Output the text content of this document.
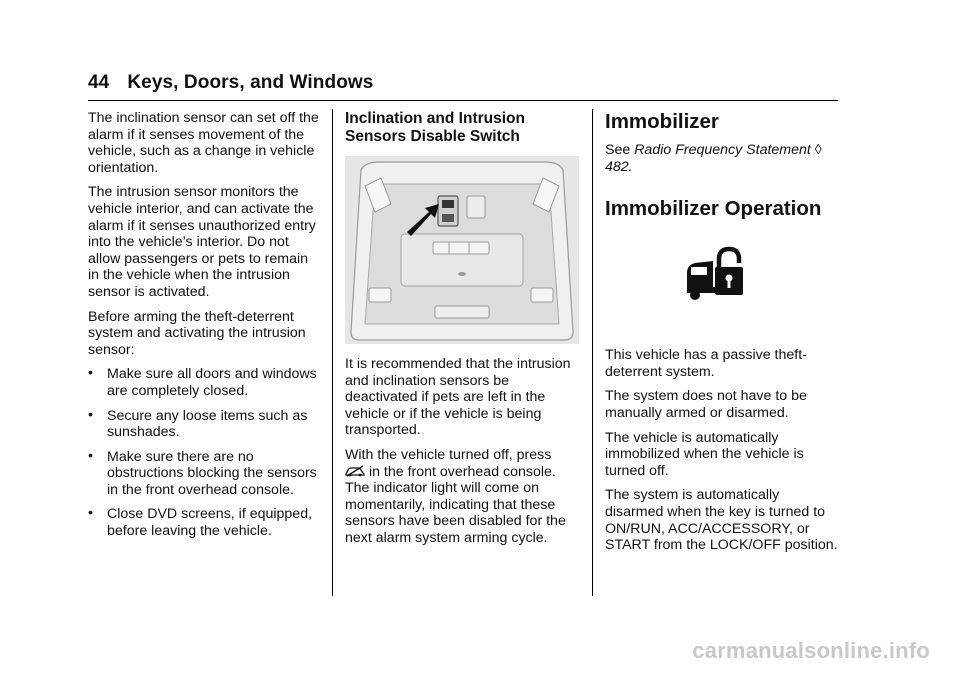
44 Keys, Doors, and Windows

The inclination sensor can set off the alarm if it senses movement of the vehicle, such as a change in vehicle orientation.

The intrusion sensor monitors the vehicle interior, and can activate the alarm if it senses unauthorized entry into the vehicle’s interior. Do not allow passengers or pets to remain in the vehicle when the intrusion sensor is activated.

Before arming the theft-deterrent system and activating the intrusion sensor:

• Make sure all doors and windows are completely closed.
• Secure any loose items such as sunshades.
• Make sure there are no obstructions blocking the sensors in the front overhead console.
• Close DVD screens, if equipped, before leaving the vehicle.
Inclination and Intrusion Sensors Disable Switch

It is recommended that the intrusion and inclination sensors be deactivated if pets are left in the vehicle or if the vehicle is being transported.

With the vehicle turned off, press
in the front overhead console. The indicator light will come on momentarily, indicating that these sensors have been disabled for the next alarm system arming cycle.

Immobilizer

See Radio Frequency Statement ◊ 482.

Immobilizer Operation

This vehicle has a passive theft-deterrent system.

The system does not have to be manually armed or disarmed.

The vehicle is automatically immobilized when the vehicle is turned off.

The system is automatically disarmed when the key is turned to ON/RUN, ACC/ACCESSORY, or START from the LOCK/OFF position.

carmanualsonline.info
